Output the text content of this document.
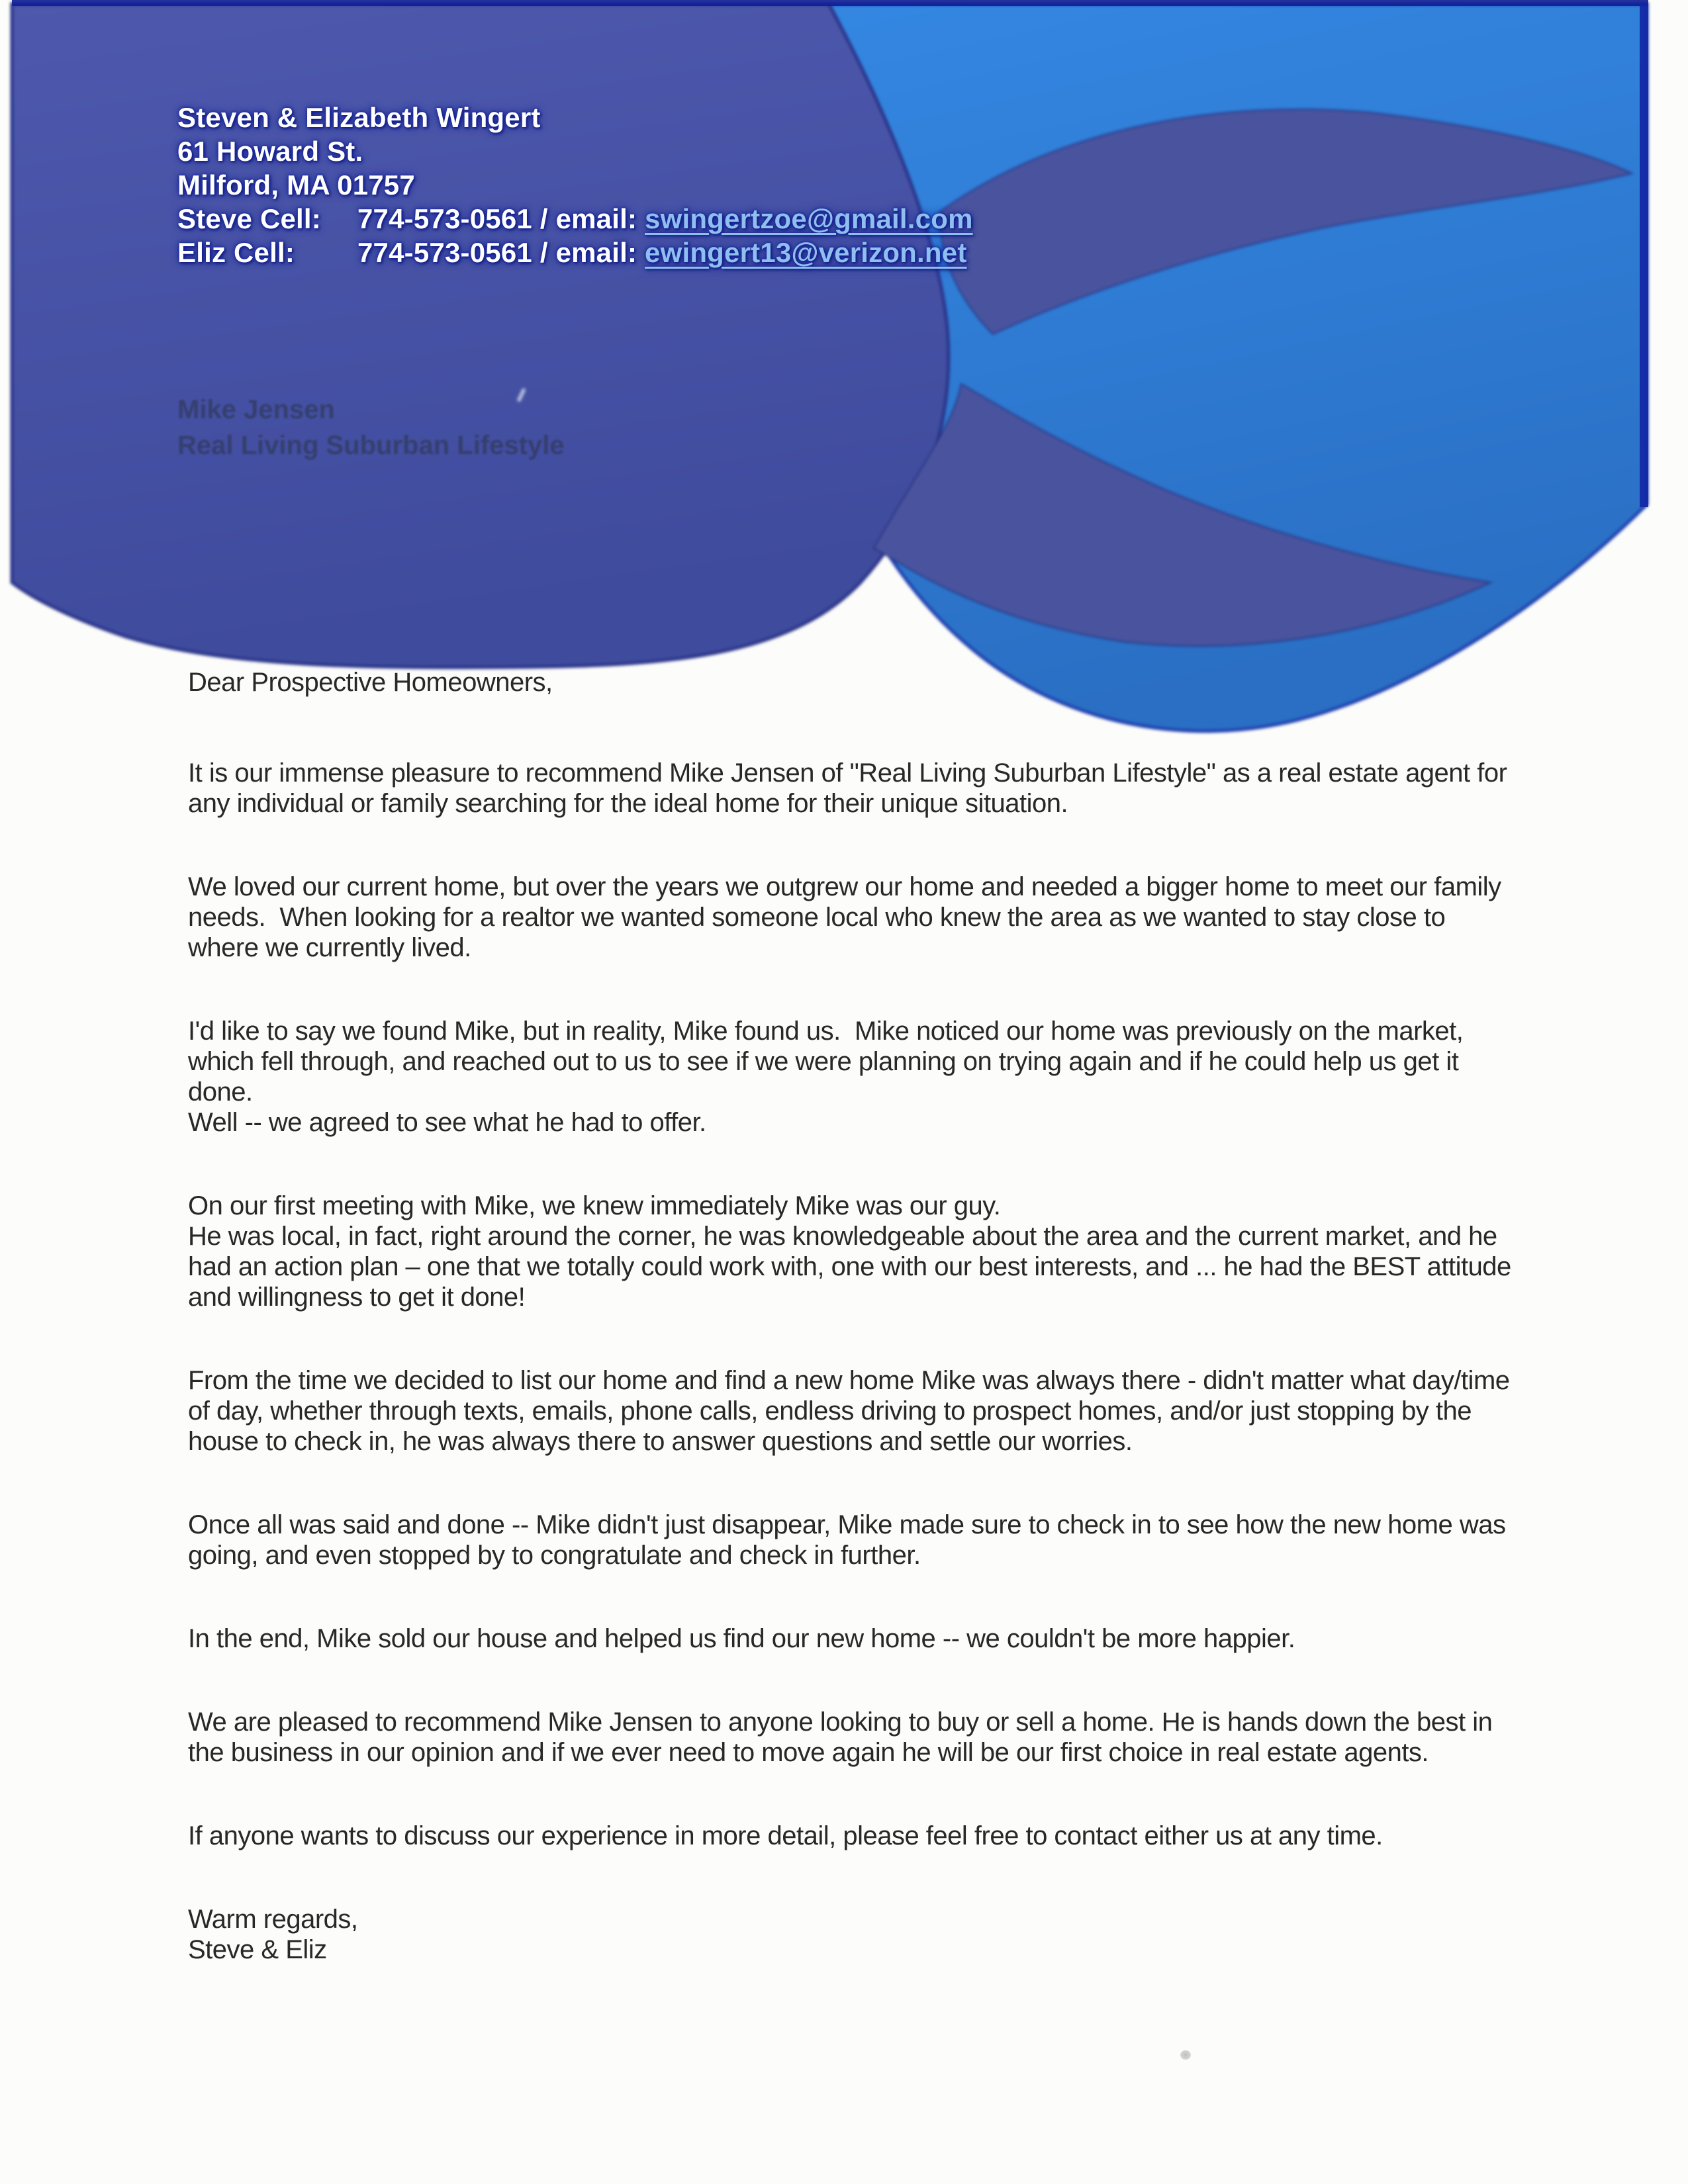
Steven & Elizabeth Wingert
61 Howard St.
Milford, MA 01757
Steve Cell: 774-573-0561 / email: swingertzoe@gmail.com
Eliz Cell: 774-573-0561 / email: ewingert13@verizon.net
Mike Jensen
Real Living Suburban Lifestyle
Dear Prospective Homeowners,
It is our immense pleasure to recommend Mike Jensen of "Real Living Suburban Lifestyle" as a real estate agent for any individual or family searching for the ideal home for their unique situation.
We loved our current home, but over the years we outgrew our home and needed a bigger home to meet our family needs.  When looking for a realtor we wanted someone local who knew the area as we wanted to stay close to where we currently lived.
I'd like to say we found Mike, but in reality, Mike found us.  Mike noticed our home was previously on the market, which fell through, and reached out to us to see if we were planning on trying again and if he could help us get it done.
Well -- we agreed to see what he had to offer.
On our first meeting with Mike, we knew immediately Mike was our guy.
He was local, in fact, right around the corner, he was knowledgeable about the area and the current market, and he had an action plan – one that we totally could work with, one with our best interests, and ... he had the BEST attitude and willingness to get it done!
From the time we decided to list our home and find a new home Mike was always there - didn't matter what day/time of day, whether through texts, emails, phone calls, endless driving to prospect homes, and/or just stopping by the house to check in, he was always there to answer questions and settle our worries.
Once all was said and done -- Mike didn't just disappear, Mike made sure to check in to see how the new home was going, and even stopped by to congratulate and check in further.
In the end, Mike sold our house and helped us find our new home -- we couldn't be more happier.
We are pleased to recommend Mike Jensen to anyone looking to buy or sell a home. He is hands down the best in the business in our opinion and if we ever need to move again he will be our first choice in real estate agents.
If anyone wants to discuss our experience in more detail, please feel free to contact either us at any time.
Warm regards,
Steve & Eliz
